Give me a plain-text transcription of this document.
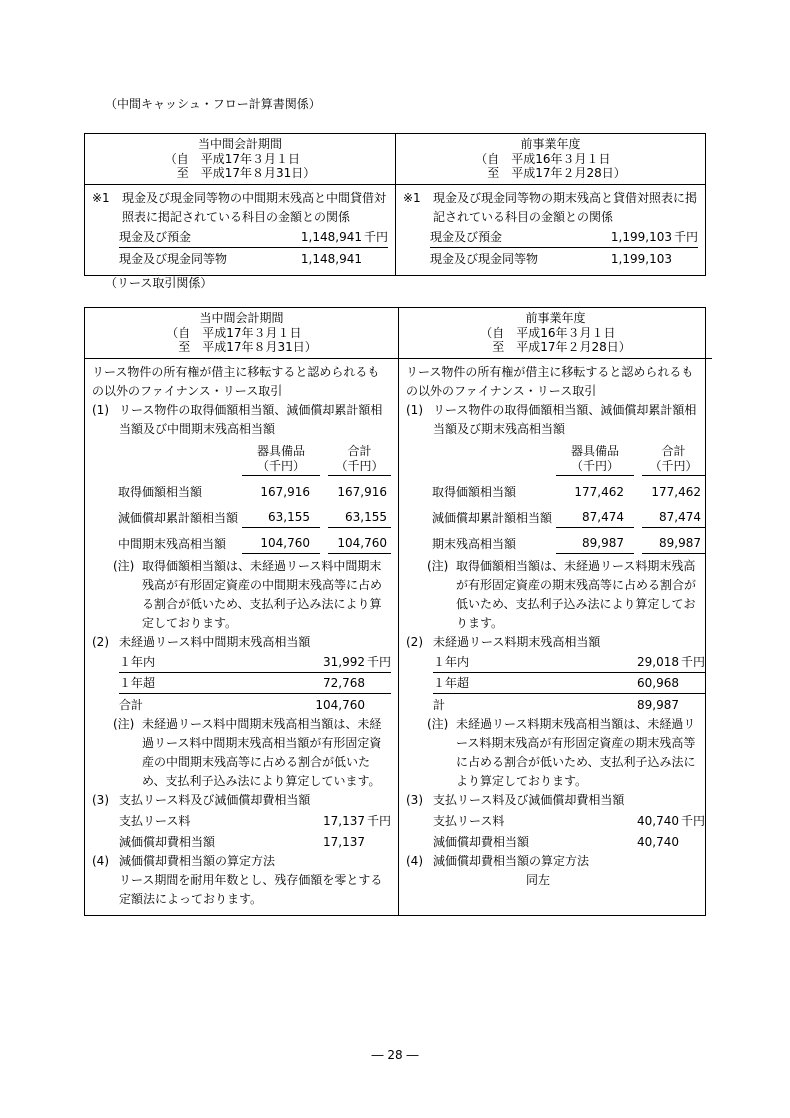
（中間キャッシュ・フロー計算書関係）
当中間会計期間
（自　平成17年３月１日
至　平成17年８月31日）
前事業年度
（自　平成16年３月１日
至　平成17年２月28日）
※1 現金及び現金同等物の中間期末残高と中間貸借対照表に掲記されている科目の金額との関係
現金及び預金	1,148,941 千円
現金及び現金同等物	1,148,941
※1 現金及び現金同等物の期末残高と貸借対照表に掲記されている科目の金額との関係
現金及び預金	1,199,103 千円
現金及び現金同等物	1,199,103
（リース取引関係）
当中間会計期間
（自　平成17年３月１日
至　平成17年８月31日）
前事業年度
（自　平成16年３月１日
至　平成17年２月28日）
リース物件の所有権が借主に移転すると認められるもの以外のファイナンス・リース取引
(1) リース物件の取得価額相当額、減価償却累計額相当額及び中間期末残高相当額
器具備品
（千円）
合計
（千円）
取得価額相当額	167,916	167,916
減価償却累計額相当額	63,155	63,155
中間期末残高相当額	104,760	104,760
(注) 取得価額相当額は、未経過リース料中間期末残高が有形固定資産の中間期末残高等に占める割合が低いため、支払利子込み法により算定しております。
(2) 未経過リース料中間期末残高相当額
１年内	31,992 千円
１年超	72,768
合計	104,760
(注) 未経過リース料中間期末残高相当額は、未経過リース料中間期末残高相当額が有形固定資産の中間期末残高等に占める割合が低いため、支払利子込み法により算定しています。
(3) 支払リース料及び減価償却費相当額
支払リース料	17,137 千円
減価償却費相当額	17,137
(4) 減価償却費相当額の算定方法
リース期間を耐用年数とし、残存価額を零とする定額法によっております。
リース物件の所有権が借主に移転すると認められるもの以外のファイナンス・リース取引
(1) リース物件の取得価額相当額、減価償却累計額相当額及び期末残高相当額
器具備品
（千円）
合計
（千円）
取得価額相当額	177,462	177,462
減価償却累計額相当額	87,474	87,474
期末残高相当額	89,987	89,987
(注) 取得価額相当額は、未経過リース料期末残高が有形固定資産の期末残高等に占める割合が低いため、支払利子込み法により算定しております。
(2) 未経過リース料期末残高相当額
１年内	29,018 千円
１年超	60,968
計	89,987
(注) 未経過リース料期末残高相当額は、未経過リース料期末残高が有形固定資産の期末残高等に占める割合が低いため、支払利子込み法により算定しております。
(3) 支払リース料及び減価償却費相当額
支払リース料	40,740 千円
減価償却費相当額	40,740
(4) 減価償却費相当額の算定方法
同左
― 28 ―
